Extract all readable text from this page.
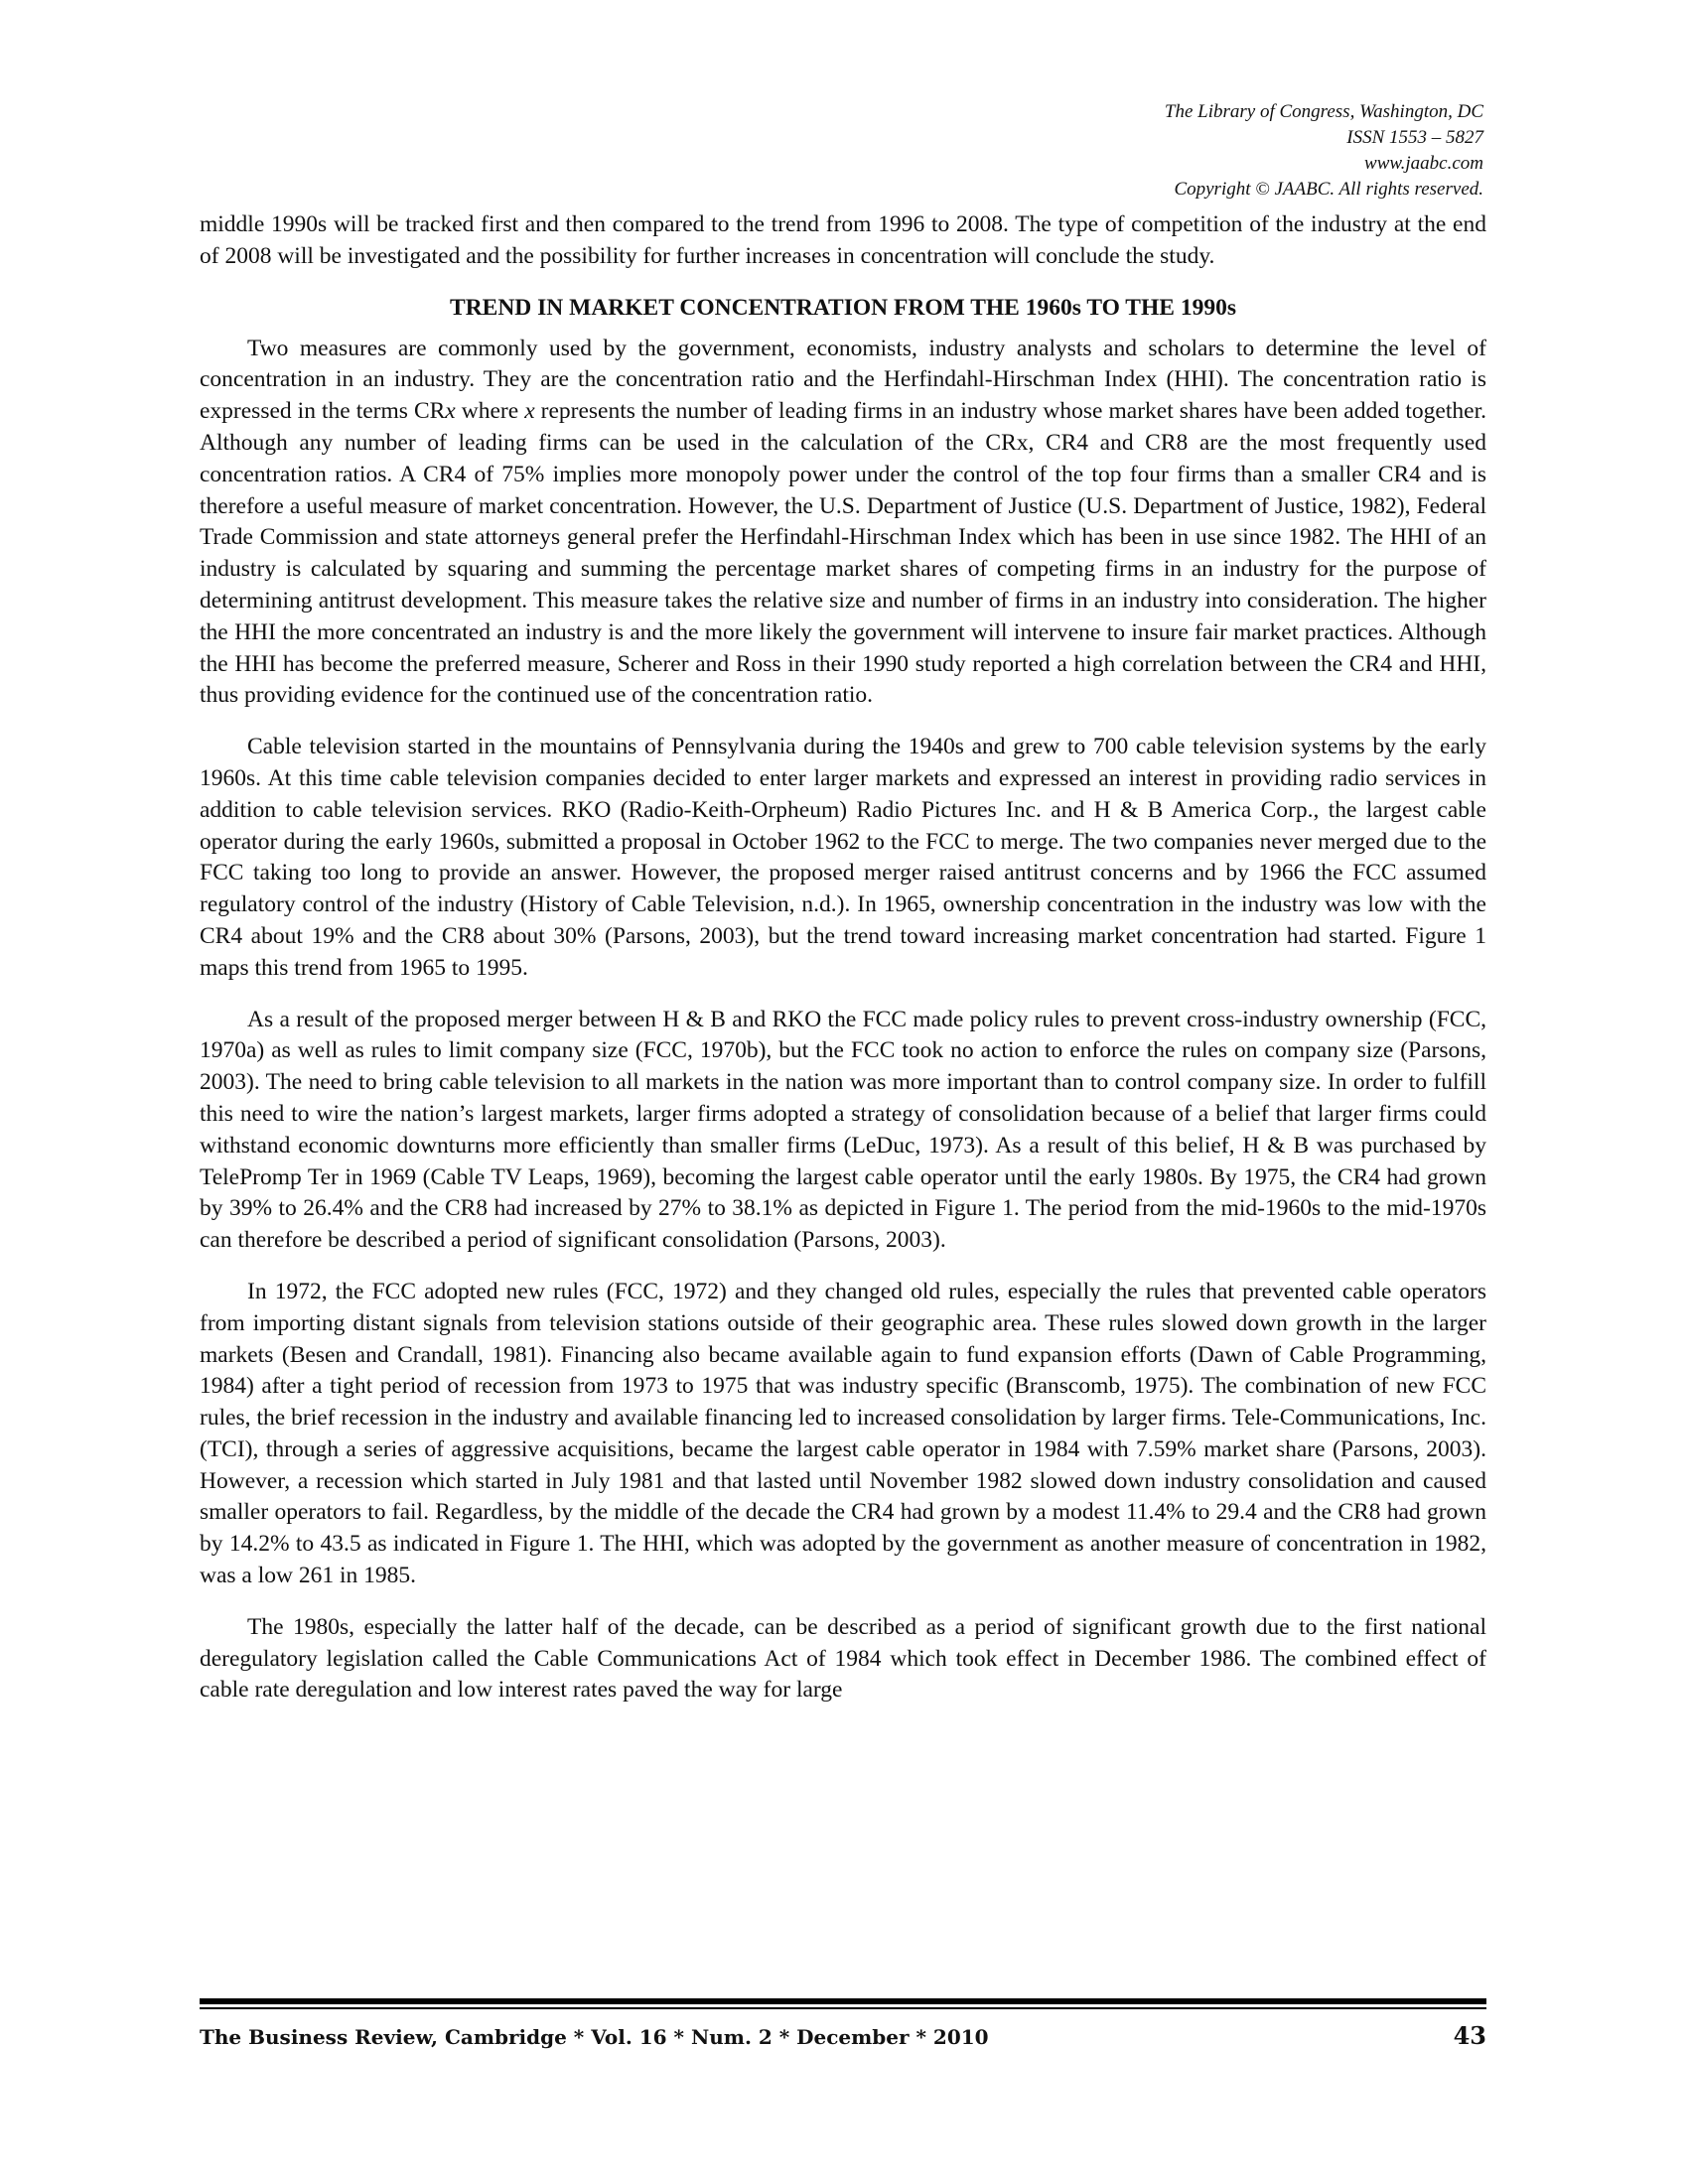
The Library of Congress, Washington, DC
ISSN 1553 – 5827
www.jaabc.com
Copyright © JAABC. All rights reserved.

middle 1990s will be tracked first and then compared to the trend from 1996 to 2008. The type of competition of the industry at the end of 2008 will be investigated and the possibility for further increases in concentration will conclude the study.

TREND IN MARKET CONCENTRATION FROM THE 1960s TO THE 1990s

Two measures are commonly used by the government, economists, industry analysts and scholars to determine the level of concentration in an industry. They are the concentration ratio and the Herfindahl-Hirschman Index (HHI). The concentration ratio is expressed in the terms CRx where x represents the number of leading firms in an industry whose market shares have been added together. Although any number of leading firms can be used in the calculation of the CRx, CR4 and CR8 are the most frequently used concentration ratios. A CR4 of 75% implies more monopoly power under the control of the top four firms than a smaller CR4 and is therefore a useful measure of market concentration. However, the U.S. Department of Justice (U.S. Department of Justice, 1982), Federal Trade Commission and state attorneys general prefer the Herfindahl-Hirschman Index which has been in use since 1982. The HHI of an industry is calculated by squaring and summing the percentage market shares of competing firms in an industry for the purpose of determining antitrust development. This measure takes the relative size and number of firms in an industry into consideration. The higher the HHI the more concentrated an industry is and the more likely the government will intervene to insure fair market practices. Although the HHI has become the preferred measure, Scherer and Ross in their 1990 study reported a high correlation between the CR4 and HHI, thus providing evidence for the continued use of the concentration ratio.

Cable television started in the mountains of Pennsylvania during the 1940s and grew to 700 cable television systems by the early 1960s. At this time cable television companies decided to enter larger markets and expressed an interest in providing radio services in addition to cable television services. RKO (Radio-Keith-Orpheum) Radio Pictures Inc. and H & B America Corp., the largest cable operator during the early 1960s, submitted a proposal in October 1962 to the FCC to merge. The two companies never merged due to the FCC taking too long to provide an answer. However, the proposed merger raised antitrust concerns and by 1966 the FCC assumed regulatory control of the industry (History of Cable Television, n.d.). In 1965, ownership concentration in the industry was low with the CR4 about 19% and the CR8 about 30% (Parsons, 2003), but the trend toward increasing market concentration had started. Figure 1 maps this trend from 1965 to 1995.

As a result of the proposed merger between H & B and RKO the FCC made policy rules to prevent cross-industry ownership (FCC, 1970a) as well as rules to limit company size (FCC, 1970b), but the FCC took no action to enforce the rules on company size (Parsons, 2003). The need to bring cable television to all markets in the nation was more important than to control company size. In order to fulfill this need to wire the nation’s largest markets, larger firms adopted a strategy of consolidation because of a belief that larger firms could withstand economic downturns more efficiently than smaller firms (LeDuc, 1973). As a result of this belief, H & B was purchased by TelePromp Ter in 1969 (Cable TV Leaps, 1969), becoming the largest cable operator until the early 1980s. By 1975, the CR4 had grown by 39% to 26.4% and the CR8 had increased by 27% to 38.1% as depicted in Figure 1. The period from the mid-1960s to the mid-1970s can therefore be described a period of significant consolidation (Parsons, 2003).

In 1972, the FCC adopted new rules (FCC, 1972) and they changed old rules, especially the rules that prevented cable operators from importing distant signals from television stations outside of their geographic area. These rules slowed down growth in the larger markets (Besen and Crandall, 1981). Financing also became available again to fund expansion efforts (Dawn of Cable Programming, 1984) after a tight period of recession from 1973 to 1975 that was industry specific (Branscomb, 1975). The combination of new FCC rules, the brief recession in the industry and available financing led to increased consolidation by larger firms. Tele-Communications, Inc. (TCI), through a series of aggressive acquisitions, became the largest cable operator in 1984 with 7.59% market share (Parsons, 2003). However, a recession which started in July 1981 and that lasted until November 1982 slowed down industry consolidation and caused smaller operators to fail. Regardless, by the middle of the decade the CR4 had grown by a modest 11.4% to 29.4 and the CR8 had grown by 14.2% to 43.5 as indicated in Figure 1. The HHI, which was adopted by the government as another measure of concentration in 1982, was a low 261 in 1985.

The 1980s, especially the latter half of the decade, can be described as a period of significant growth due to the first national deregulatory legislation called the Cable Communications Act of 1984 which took effect in December 1986. The combined effect of cable rate deregulation and low interest rates paved the way for large

The Business Review, Cambridge * Vol. 16 * Num. 2 * December * 2010	43
